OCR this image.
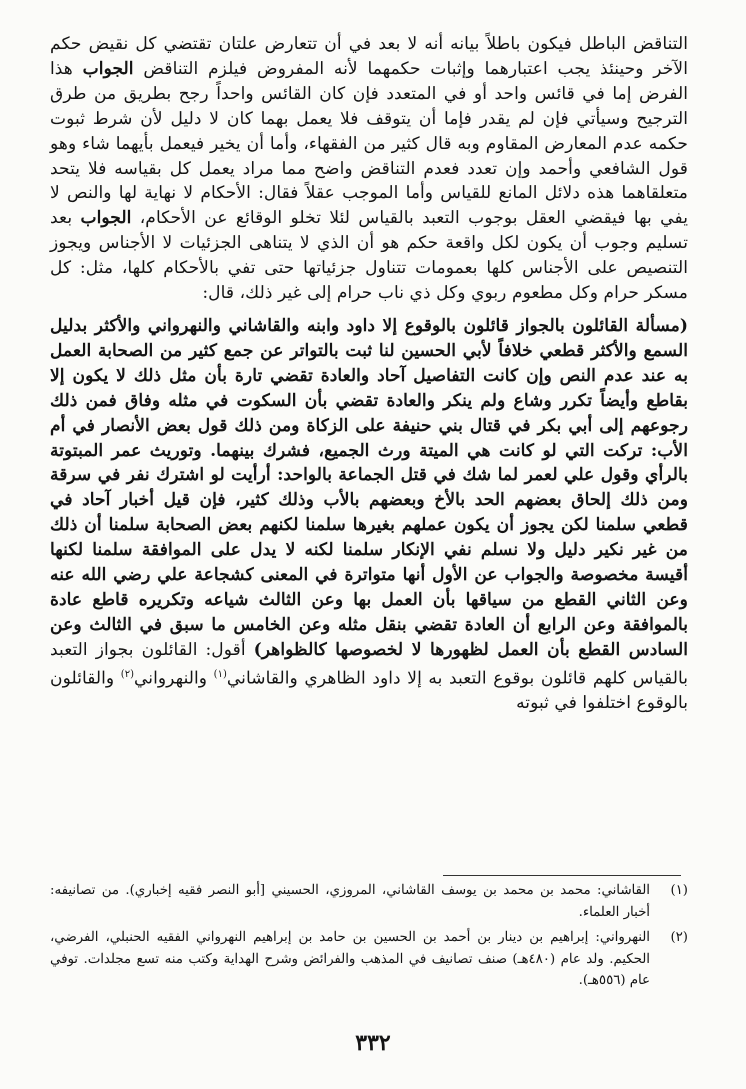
التناقض الباطل فيكون باطلاً بيانه أنه لا بعد في أن تتعارض علتان تقتضي كل نقيض حكم الآخر وحينئذ يجب اعتبارهما وإثبات حكمهما لأنه المفروض فيلزم التناقض الجواب هذا الفرض إما في قائس واحد أو في المتعدد فإن كان القائس واحداً رجح بطريق من طرق الترجيح وسيأتي فإن لم يقدر فإما أن يتوقف فلا يعمل بهما كان لا دليل لأن شرط ثبوت حكمه عدم المعارض المقاوم وبه قال كثير من الفقهاء، وأما أن يخير فيعمل بأيهما شاء وهو قول الشافعي وأحمد وإن تعدد فعدم التناقض واضح مما مراد يعمل كل بقياسه فلا يتحد متعلقاهما هذه دلائل المانع للقياس وأما الموجب عقلاً فقال: الأحكام لا نهاية لها والنص لا يفي بها فيقضي العقل بوجوب التعبد بالقياس لئلا تخلو الوقائع عن الأحكام، الجواب بعد تسليم وجوب أن يكون لكل واقعة حكم هو أن الذي لا يتناهى الجزئيات لا الأجناس ويجوز التنصيص على الأجناس كلها بعمومات تتناول جزئياتها حتى تفي بالأحكام كلها، مثل: كل مسكر حرام وكل مطعوم ربوي وكل ذي ناب حرام إلى غير ذلك، قال:

(مسألة القائلون بالجواز قائلون بالوقوع إلا داود وابنه والقاشاني والنهرواني والأكثر بدليل السمع والأكثر قطعي خلافاً لأبي الحسين لنا ثبت بالتواتر عن جمع كثير من الصحابة العمل به عند عدم النص وإن كانت التفاصيل آحاد والعادة تقضي تارة بأن مثل ذلك لا يكون إلا بقاطع وأيضاً تكرر وشاع ولم ينكر والعادة تقضي بأن السكوت في مثله وفاق فمن ذلك رجوعهم إلى أبي بكر في قتال بني حنيفة على الزكاة ومن ذلك قول بعض الأنصار في أم الأب: تركت التي لو كانت هي الميتة ورث الجميع، فشرك بينهما. وتوريث عمر المبتوتة بالرأي وقول علي لعمر لما شك في قتل الجماعة بالواحد: أرأيت لو اشترك نفر في سرقة ومن ذلك إلحاق بعضهم الحد بالأخ وبعضهم بالأب وذلك كثير، فإن قيل أخبار آحاد في قطعي سلمنا لكن يجوز أن يكون عملهم بغيرها سلمنا لكنهم بعض الصحابة سلمنا أن ذلك من غير نكير دليل ولا نسلم نفي الإنكار سلمنا لكنه لا يدل على الموافقة سلمنا لكنها أقيسة مخصوصة والجواب عن الأول أنها متواترة في المعنى كشجاعة علي رضي الله عنه وعن الثاني القطع من سياقها بأن العمل بها وعن الثالث شياعه وتكريره قاطع عادة بالموافقة وعن الرابع أن العادة تقضي بنقل مثله وعن الخامس ما سبق في الثالث وعن السادس القطع بأن العمل لظهورها لا لخصوصها كالظواهر) أقول: القائلون بجواز التعبد بالقياس كلهم قائلون بوقوع التعبد به إلا داود الظاهري والقاشاني$^{(١)}$ والنهرواني$^{(٢)}$ والقائلون بالوقوع اختلفوا في ثبوته

(١)
القاشاني: محمد بن محمد بن يوسف القاشاني، المروزي، الحسيني [أبو النصر فقيه إخباري). من تصانيفه: أخبار العلماء.
(٢)
النهرواني: إبراهيم بن دينار بن أحمد بن الحسين بن حامد بن إبراهيم النهرواني الفقيه الحنبلي، الفرضي، الحكيم. ولد عام (٤٨٠هـ) صنف تصانيف في المذهب والفرائض وشرح الهداية وكتب منه تسع مجلدات. توفي عام (٥٥٦هـ).
٣٣٢
